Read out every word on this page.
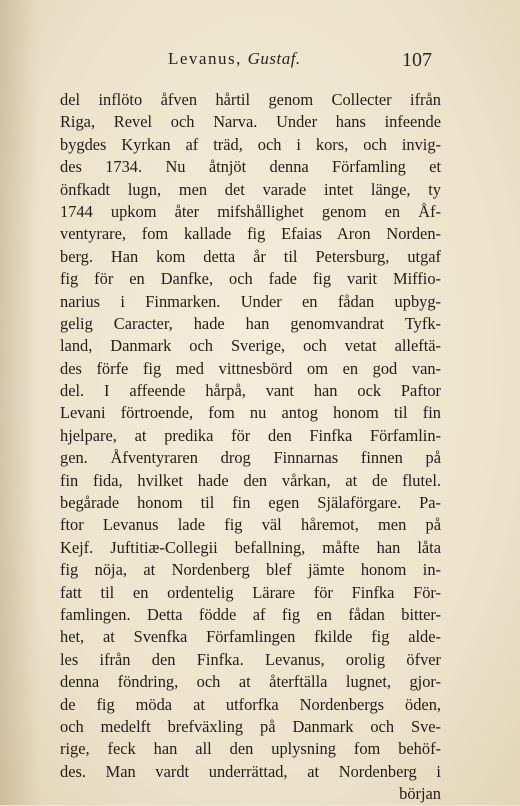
Levanus, Gustaf.	107
del inflöto åfven hårtil genom Collecter ifrån
Riga, Revel och Narva. Under hans infeende
bygdes Kyrkan af träd, och i kors, och invig-
des 1734. Nu åtnjöt denna Förfamling et
önfkadt lugn, men det varade intet länge, ty
1744 upkom åter mifshållighet genom en Åf-
ventyrare, fom kallade fig Efaias Aron Norden-
berg. Han kom detta år til Petersburg, utgaf
fig för en Danfke, och fade fig varit Miffio-
narius i Finmarken. Under en fådan upbyg-
gelig Caracter, hade han genomvandrat Tyfk-
land, Danmark och Sverige, och vetat alleftä-
des förfe fig med vittnesbörd om en god van-
del. I affeende hårpå, vant han ock Paftor
Levani förtroende, fom nu antog honom til fin
hjelpare, at predika för den Finfka Förfamlin-
gen. Åfventyraren drog Finnarnas finnen på
fin fida, hvilket hade den vårkan, at de flutel.
begårade honom til fin egen Själaförgare. Pa-
ftor Levanus lade fig väl håremot, men på
Kejf. Juftitiæ-Collegii befallning, måfte han låta
fig nöja, at Nordenberg blef jämte honom in-
fatt til en ordentelig Lärare för Finfka För-
famlingen. Detta födde af fig en fådan bitter-
het, at Svenfka Förfamlingen fkilde fig alde-
les ifrån den Finfka. Levanus, orolig öfver
denna föndring, och at återftälla lugnet, gjor-
de fig möda at utforfka Nordenbergs öden,
och medelft brefväxling på Danmark och Sve-
rige, feck han all den uplysning fom behöf-
des. Man vardt underrättad, at Nordenberg i
början
